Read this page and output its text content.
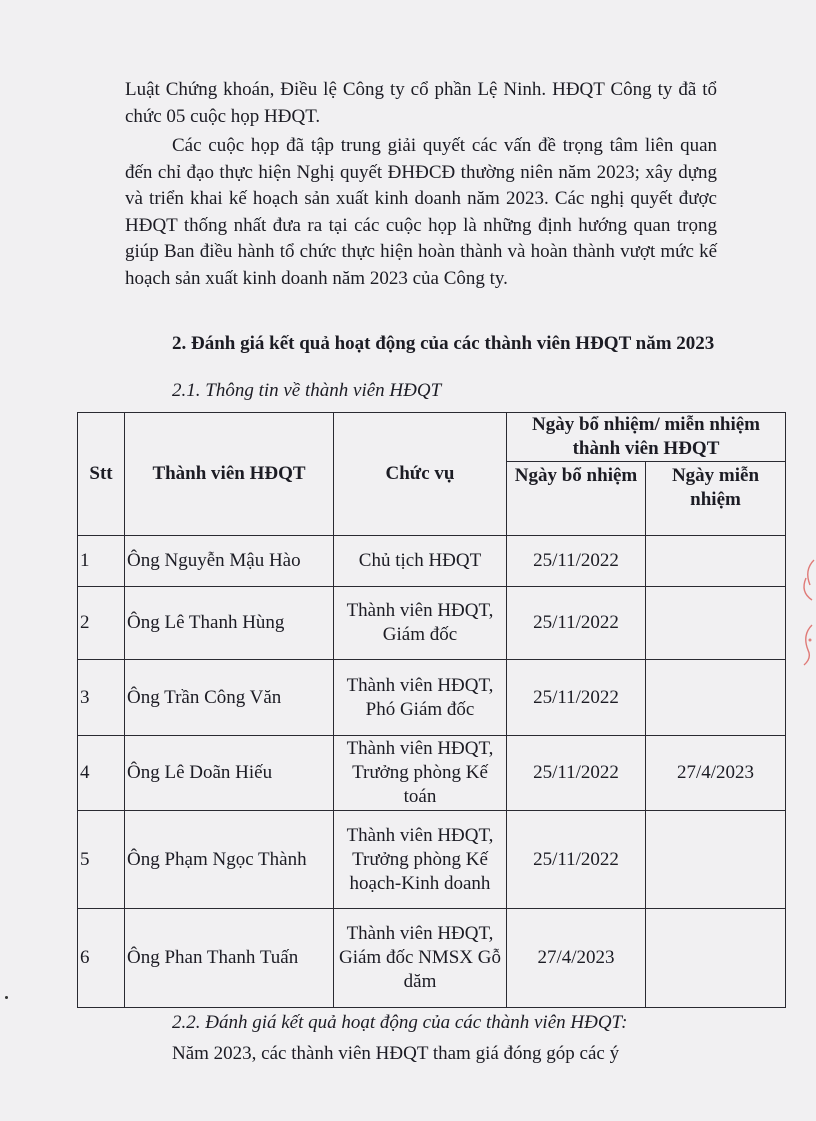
Luật Chứng khoán, Điều lệ Công ty cổ phần Lệ Ninh. HĐQT Công ty đã tổ chức 05 cuộc họp HĐQT.

Các cuộc họp đã tập trung giải quyết các vấn đề trọng tâm liên quan đến chỉ đạo thực hiện Nghị quyết ĐHĐCĐ thường niên năm 2023; xây dựng và triển khai kế hoạch sản xuất kinh doanh năm 2023. Các nghị quyết được HĐQT thống nhất đưa ra tại các cuộc họp là những định hướng quan trọng giúp Ban điều hành tổ chức thực hiện hoàn thành và hoàn thành vượt mức kế hoạch sản xuất kinh doanh năm 2023 của Công ty.

2. Đánh giá kết quả hoạt động của các thành viên HĐQT năm 2023

2.1. Thông tin về thành viên HĐQT

Stt	Thành viên HĐQT	Chức vụ	Ngày bổ nhiệm/ miễn nhiệm thành viên HĐQT	
			Ngày bổ nhiệm	Ngày miễn nhiệm
1	Ông Nguyễn Mậu Hào	Chủ tịch HĐQT	25/11/2022	
2	Ông Lê Thanh Hùng	Thành viên HĐQT, Giám đốc	25/11/2022	
3	Ông Trần Công Văn	Thành viên HĐQT, Phó Giám đốc	25/11/2022	
4	Ông Lê Doãn Hiếu	Thành viên HĐQT, Trưởng phòng Kế toán	25/11/2022	27/4/2023
5	Ông Phạm Ngọc Thành	Thành viên HĐQT, Trưởng phòng Kế hoạch-Kinh doanh	25/11/2022	
6	Ông Phan Thanh Tuấn	Thành viên HĐQT, Giám đốc NMSX Gỗ dăm	27/4/2023	

2.2. Đánh giá kết quả hoạt động của các thành viên HĐQT:

Năm 2023, các thành viên HĐQT tham giá đóng góp các ý
